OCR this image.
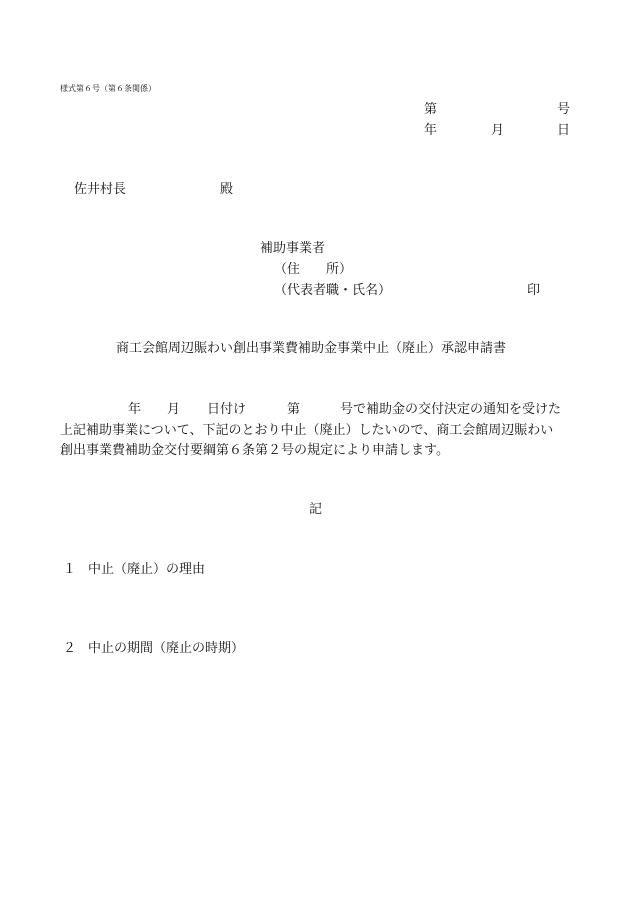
様式第６号（第６条関係）
第	号
年	月	日
佐井村長	殿
補助事業者
（住　　所）
（代表者職・氏名）	印
商工会館周辺賑わい創出事業費補助金事業中止（廃止）承認申請書
年 月 日付け	第	号で補助金の交付決定の通知を受けた
上記補助事業について、下記のとおり中止（廃止）したいので、商工会館周辺賑わい
創出事業費補助金交付要綱第６条第２号の規定により申請します。
記
１ 中止（廃止）の理由
２ 中止の期間（廃止の時期）
